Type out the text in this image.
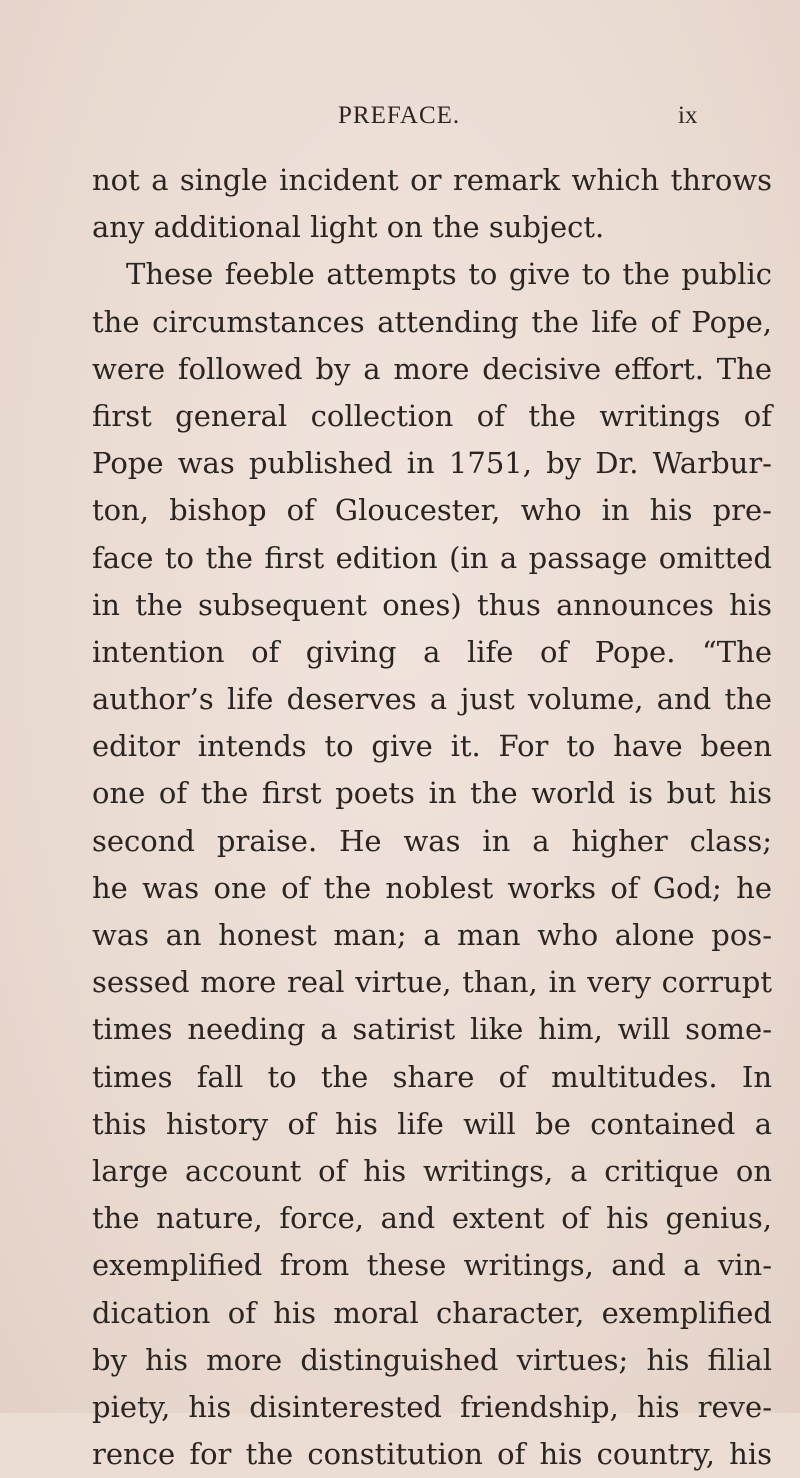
PREFACE.	ix
not a single incident or remark which throws
any additional light on the subject.
These feeble attempts to give to the public
the circumstances attending the life of Pope,
were followed by a more decisive effort. The
first general collection of the writings of
Pope was published in 1751, by Dr. Warbur-
ton, bishop of Gloucester, who in his pre-
face to the first edition (in a passage omitted
in the subsequent ones) thus announces his
intention of giving a life of Pope. “The
author’s life deserves a just volume, and the
editor intends to give it. For to have been
one of the first poets in the world is but his
second praise. He was in a higher class;
he was one of the noblest works of God; he
was an honest man; a man who alone pos-
sessed more real virtue, than, in very corrupt
times needing a satirist like him, will some-
times fall to the share of multitudes. In
this history of his life will be contained a
large account of his writings, a critique on
the nature, force, and extent of his genius,
exemplified from these writings, and a vin-
dication of his moral character, exemplified
by his more distinguished virtues; his filial
piety, his disinterested friendship, his reve-
rence for the constitution of his country, his
